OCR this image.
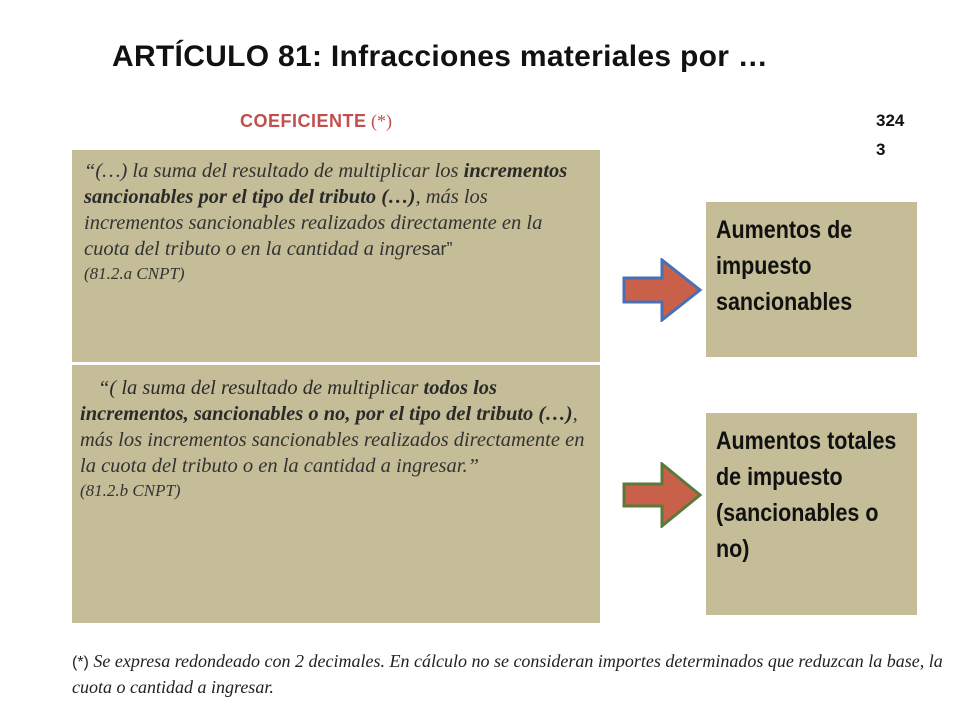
ARTÍCULO 81: Infracciones materiales por …
COEFICIENTE (*)	324
3
“(…) la suma del resultado de multiplicar los incrementos sancionables por el tipo del tributo (…), más los incrementos sancionables realizados directamente en la cuota del tributo o en la cantidad a ingresar”
(81.2.a CNPT)
“( la suma del resultado de multiplicar todos los incrementos, sancionables o no, por el tipo del tributo (…), más los incrementos sancionables realizados directamente en la cuota del tributo o en la cantidad a ingresar.”
(81.2.b CNPT)
Aumentos de impuesto sancionables
Aumentos totales de impuesto (sancionables o no)
(*) Se expresa redondeado con 2 decimales. En cálculo no se consideran importes determinados que reduzcan la base, la cuota o cantidad a ingresar.
